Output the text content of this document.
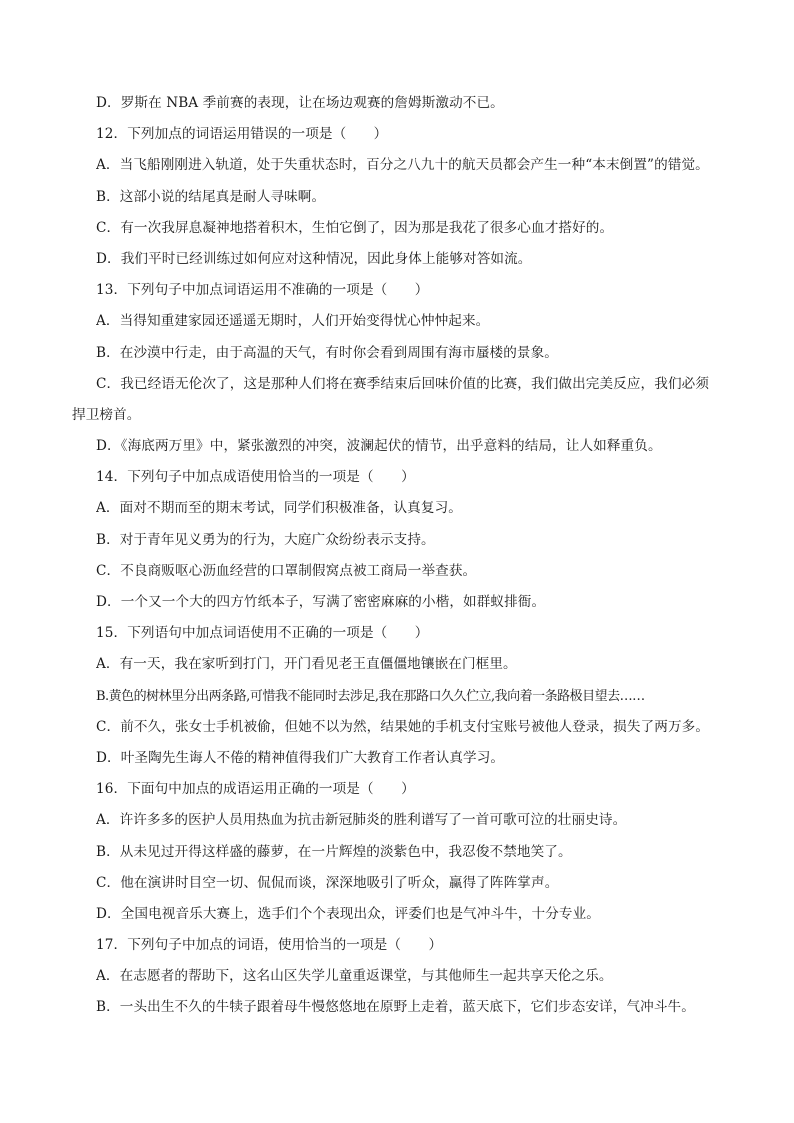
D．罗斯在 NBA 季前赛的表现，让在场边观赛的詹姆斯激动不已。
12．下列加点的词语运用错误的一项是（　　）
A．当飞船刚刚进入轨道，处于失重状态时，百分之八九十的航天员都会产生一种“本末倒置”的错觉。
B．这部小说的结尾真是耐人寻味啊。
C．有一次我屏息凝神地搭着积木，生怕它倒了，因为那是我花了很多心血才搭好的。
D．我们平时已经训练过如何应对这种情况，因此身体上能够对答如流。
13．下列句子中加点词语运用不准确的一项是（　　）
A．当得知重建家园还遥遥无期时，人们开始变得忧心忡忡起来。
B．在沙漠中行走，由于高温的天气，有时你会看到周围有海市蜃楼的景象。
C．我已经语无伦次了，这是那种人们将在赛季结束后回味价值的比赛，我们做出完美反应，我们必须
捍卫榜首。
D．《海底两万里》中，紧张激烈的冲突，波澜起伏的情节，出乎意料的结局，让人如释重负。
14．下列句子中加点成语使用恰当的一项是（　　）
A．面对不期而至的期末考试，同学们积极准备，认真复习。
B．对于青年见义勇为的行为，大庭广众纷纷表示支持。
C．不良商贩呕心沥血经营的口罩制假窝点被工商局一举查获。
D．一个又一个大的四方竹纸本子，写满了密密麻麻的小楷，如群蚁排衙。
15．下列语句中加点词语使用不正确的一项是（　　）
A．有一天，我在家听到打门，开门看见老王直僵僵地镶嵌在门框里。
B.黄色的树林里分出两条路,可惜我不能同时去涉足,我在那路口久久伫立,我向着一条路极目望去……
C．前不久，张女士手机被偷，但她不以为然，结果她的手机支付宝账号被他人登录，损失了两万多。
D．叶圣陶先生诲人不倦的精神值得我们广大教育工作者认真学习。
16．下面句中加点的成语运用正确的一项是（　　）
A．许许多多的医护人员用热血为抗击新冠肺炎的胜利谱写了一首可歌可泣的壮丽史诗。
B．从未见过开得这样盛的藤萝，在一片辉煌的淡紫色中，我忍俊不禁地笑了。
C．他在演讲时目空一切、侃侃而谈，深深地吸引了听众，赢得了阵阵掌声。
D．全国电视音乐大赛上，选手们个个表现出众，评委们也是气冲斗牛，十分专业。
17．下列句子中加点的词语，使用恰当的一项是（　　）
A．在志愿者的帮助下，这名山区失学儿童重返课堂，与其他师生一起共享天伦之乐。
B．一头出生不久的牛犊子跟着母牛慢悠悠地在原野上走着，蓝天底下，它们步态安详，气冲斗牛。
